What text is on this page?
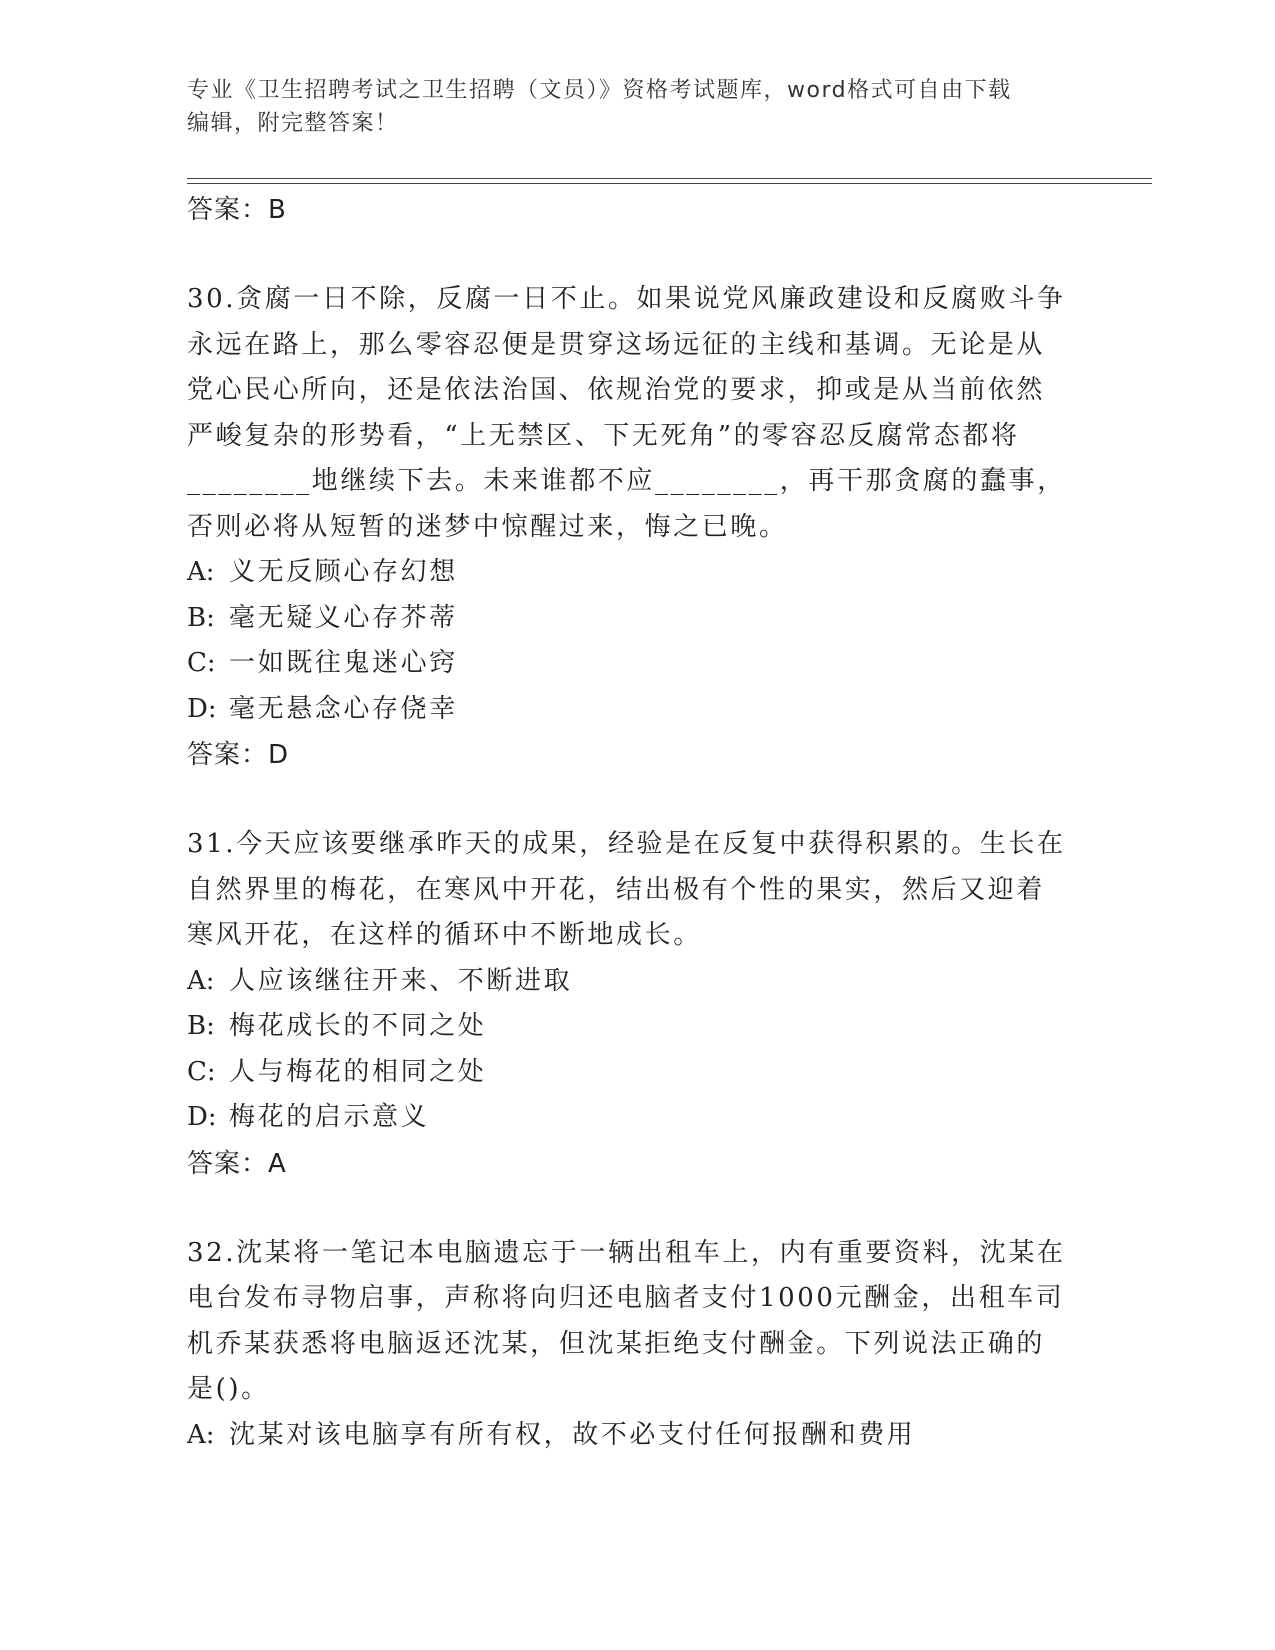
专业《卫生招聘考试之卫生招聘（文员）》资格考试题库，word格式可自由下载
编辑，附完整答案！

答案：B

30.贪腐一日不除，反腐一日不止。如果说党风廉政建设和反腐败斗争

永远在路上，那么零容忍便是贯穿这场远征的主线和基调。无论是从

党心民心所向，还是依法治国、依规治党的要求，抑或是从当前依然

严峻复杂的形势看，“上无禁区、下无死角”的零容忍反腐常态都将

________地继续下去。未来谁都不应________，再干那贪腐的蠢事，

否则必将从短暂的迷梦中惊醒过来，悔之已晚。

A: 义无反顾心存幻想

B: 毫无疑义心存芥蒂

C: 一如既往鬼迷心窍

D: 毫无悬念心存侥幸

答案：D

31.今天应该要继承昨天的成果，经验是在反复中获得积累的。生长在

自然界里的梅花，在寒风中开花，结出极有个性的果实，然后又迎着

寒风开花，在这样的循环中不断地成长。

A: 人应该继往开来、不断进取

B: 梅花成长的不同之处

C: 人与梅花的相同之处

D: 梅花的启示意义

答案：A

32.沈某将一笔记本电脑遗忘于一辆出租车上，内有重要资料，沈某在

电台发布寻物启事，声称将向归还电脑者支付1000元酬金，出租车司

机乔某获悉将电脑返还沈某，但沈某拒绝支付酬金。下列说法正确的

是()。

A: 沈某对该电脑享有所有权，故不必支付任何报酬和费用
